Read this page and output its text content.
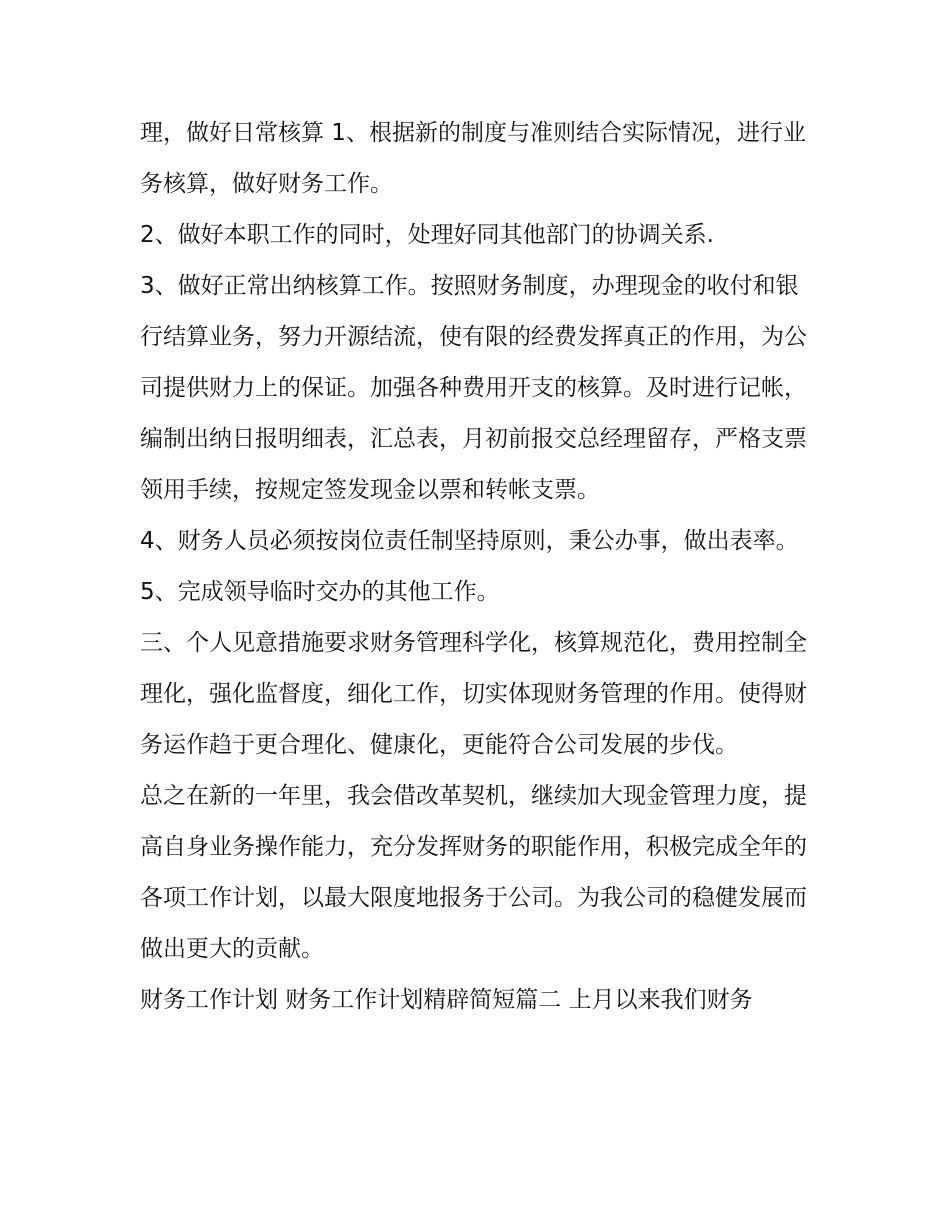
理，做好日常核算 1、根据新的制度与准则结合实际情况，进行业务核算，做好财务工作。

2、做好本职工作的同时，处理好同其他部门的协调关系.

3、做好正常出纳核算工作。按照财务制度，办理现金的收付和银行结算业务，努力开源结流，使有限的经费发挥真正的作用，为公司提供财力上的保证。加强各种费用开支的核算。及时进行记帐，编制出纳日报明细表，汇总表，月初前报交总经理留存，严格支票领用手续，按规定签发现金以票和转帐支票。

4、财务人员必须按岗位责任制坚持原则，秉公办事，做出表率。 5、完成领导临时交办的其他工作。

三、个人见意措施要求财务管理科学化，核算规范化，费用控制全理化，强化监督度，细化工作，切实体现财务管理的作用。使得财务运作趋于更合理化、健康化，更能符合公司发展的步伐。

总之在新的一年里，我会借改革契机，继续加大现金管理力度，提高自身业务操作能力，充分发挥财务的职能作用，积极完成全年的各项工作计划，以最大限度地报务于公司。为我公司的稳健发展而做出更大的贡献。

财务工作计划 财务工作计划精辟简短篇二 上月以来我们财务
